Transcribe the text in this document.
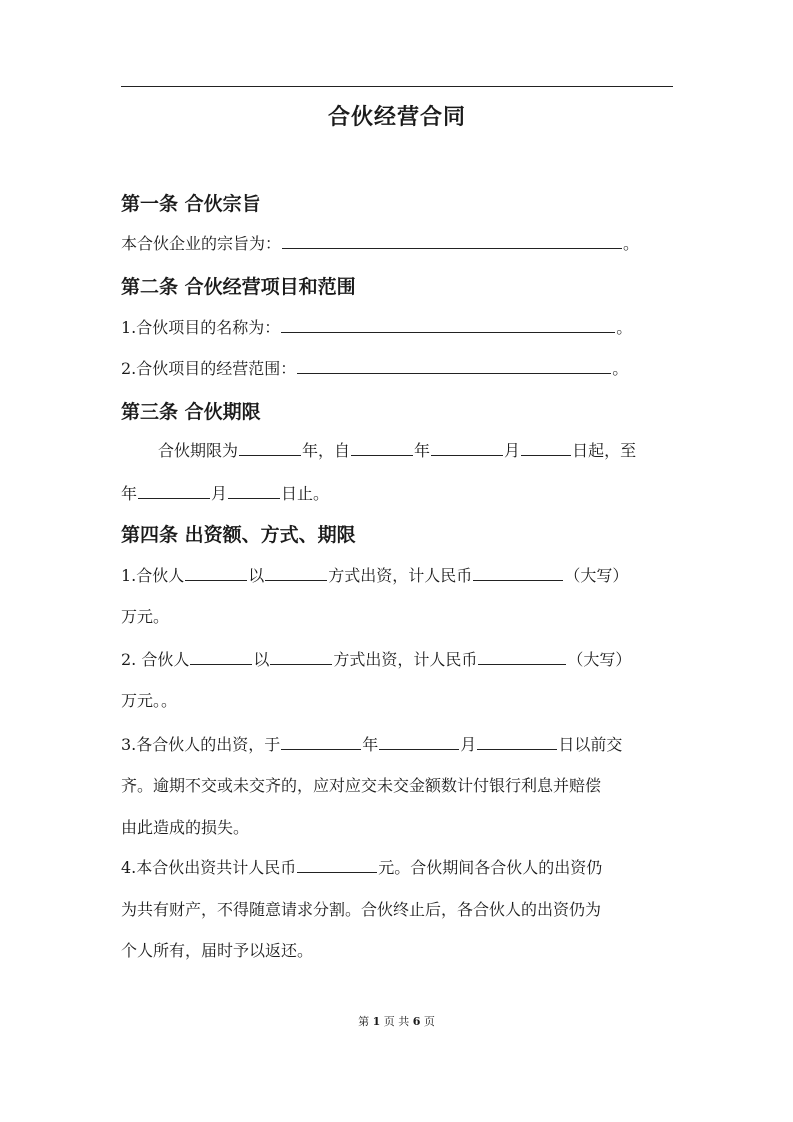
合伙经营合同
第一条 合伙宗旨
本合伙企业的宗旨为：	。
第二条 合伙经营项目和范围
1.合伙项目的名称为：	。
2.合伙项目的经营范围：	。
第三条 合伙期限
合伙期限为	年，自	年	月	日起，至
年	月	日止。
第四条 出资额、方式、期限
1.合伙人	以	方式出资，计人民币	（大写）
万元。
2. 合伙人	以	方式出资，计人民币	（大写）
万元。。
3.各合伙人的出资，于	年	月	日以前交
齐。逾期不交或未交齐的，应对应交未交金额数计付银行利息并赔偿
由此造成的损失。
4.本合伙出资共计人民币	元。合伙期间各合伙人的出资仍
为共有财产，不得随意请求分割。合伙终止后，各合伙人的出资仍为
个人所有，届时予以返还。
第 1 页 共 6 页
